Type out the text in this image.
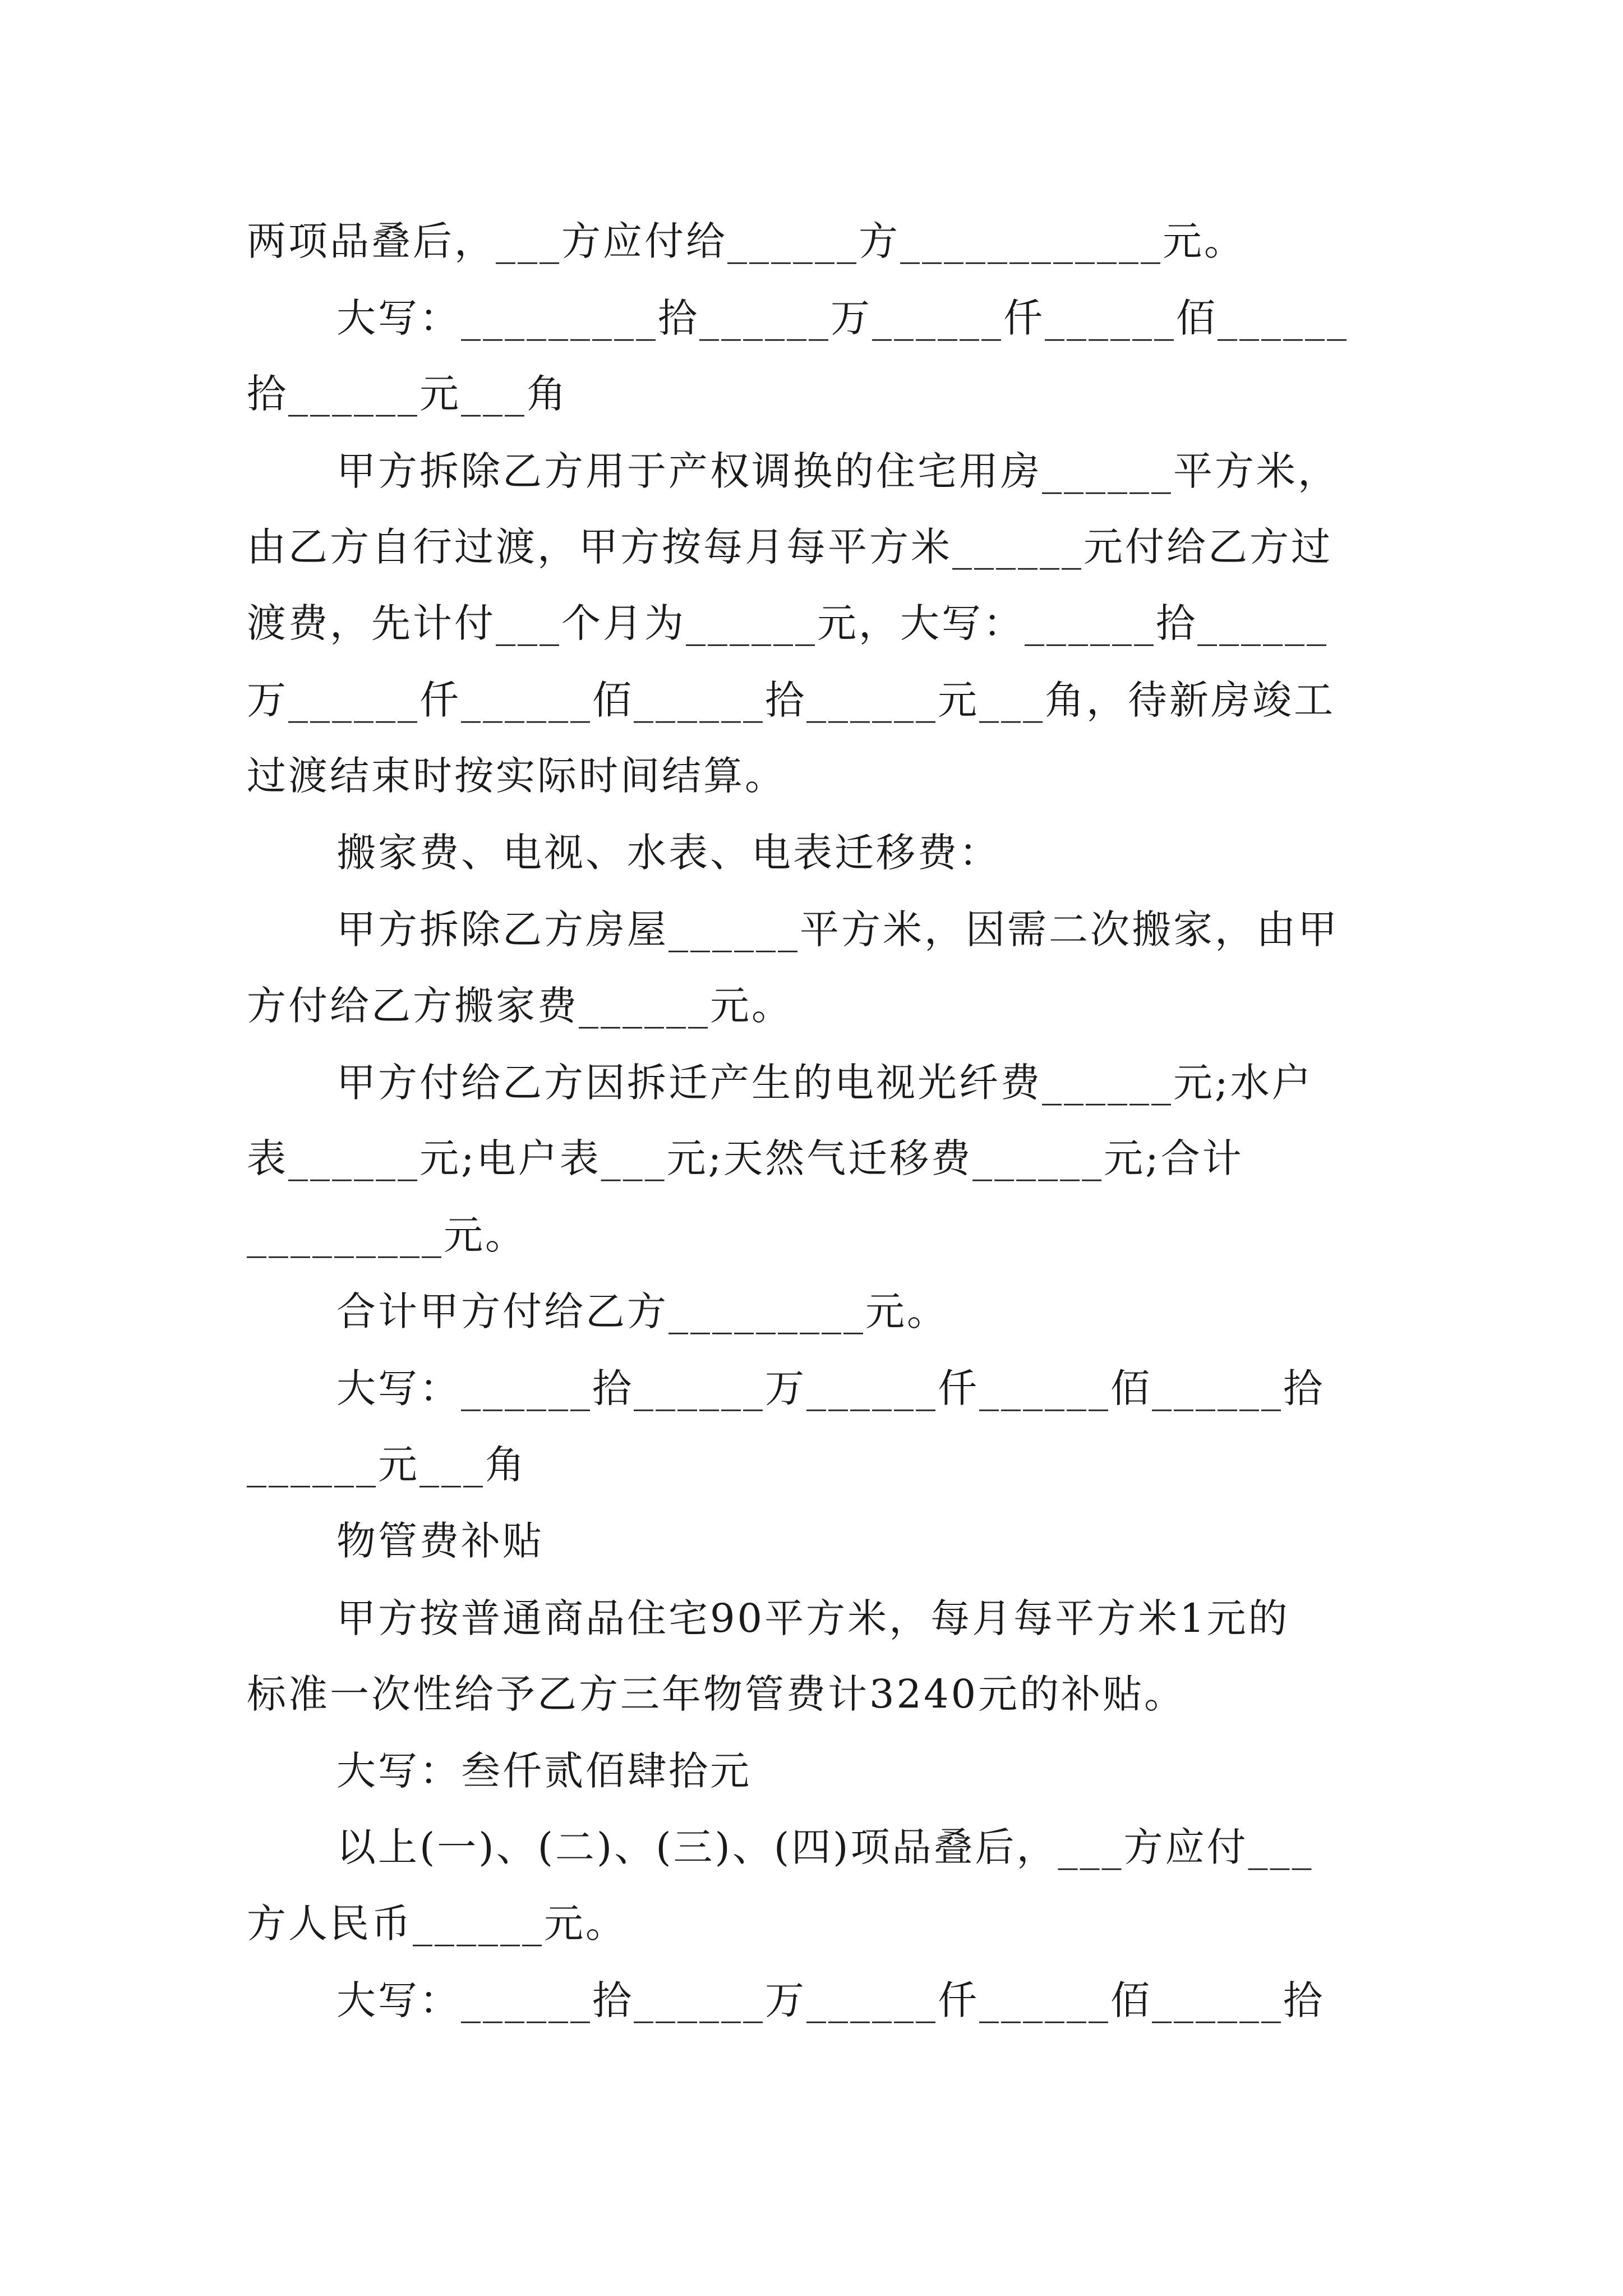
两项品叠后，___方应付给______方____________元。
大写：_________拾______万______仟______佰______
拾______元___角
甲方拆除乙方用于产权调换的住宅用房______平方米，
由乙方自行过渡，甲方按每月每平方米______元付给乙方过
渡费，先计付___个月为______元，大写：______拾______
万______仟______佰______拾______元___角，待新房竣工
过渡结束时按实际时间结算。
搬家费、电视、水表、电表迁移费：
甲方拆除乙方房屋______平方米，因需二次搬家，由甲
方付给乙方搬家费______元。
甲方付给乙方因拆迁产生的电视光纤费______元;水户
表______元;电户表___元;天然气迁移费______元;合计
_________元。
合计甲方付给乙方_________元。
大写：______拾______万______仟______佰______拾
______元___角
物管费补贴
甲方按普通商品住宅90平方米，每月每平方米1元的
标准一次性给予乙方三年物管费计3240元的补贴。
大写：叁仟贰佰肆拾元
以上(一)、(二)、(三)、(四)项品叠后，___方应付___
方人民币______元。
大写：______拾______万______仟______佰______拾
